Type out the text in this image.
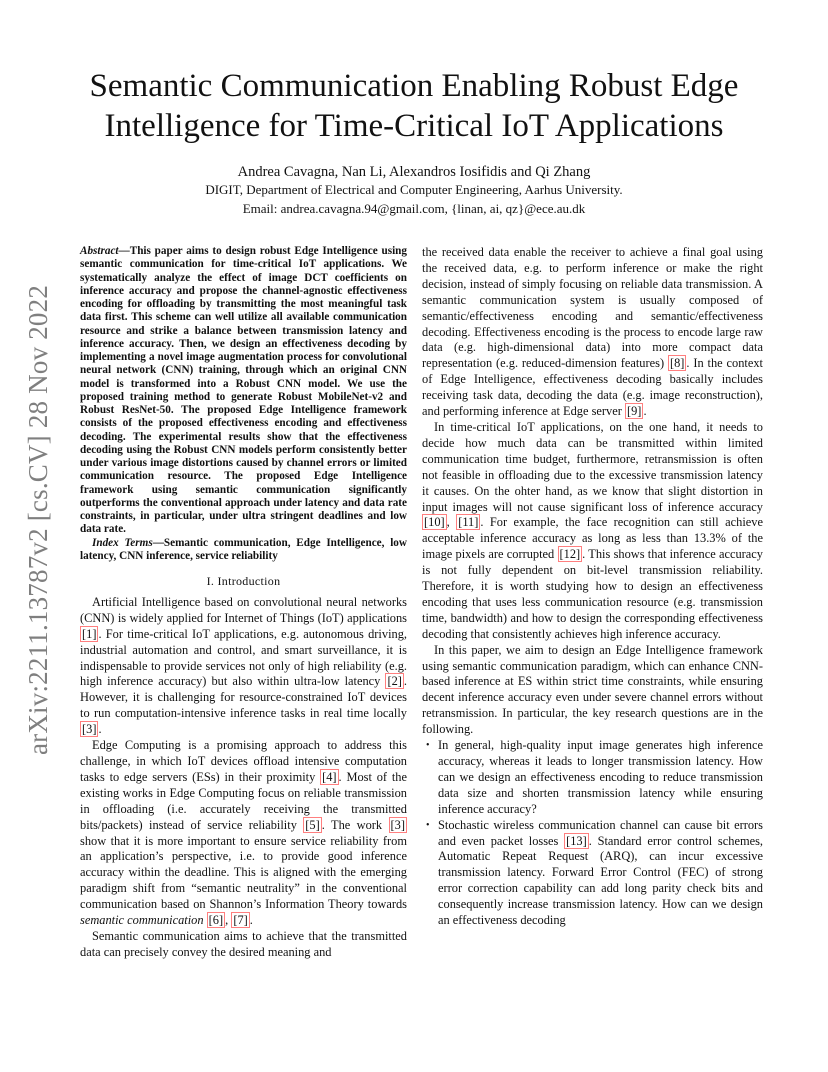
arXiv:2211.13787v2 [cs.CV] 28 Nov 2022
Semantic Communication Enabling Robust Edge
Intelligence for Time-Critical IoT Applications
Andrea Cavagna, Nan Li, Alexandros Iosifidis and Qi Zhang
DIGIT, Department of Electrical and Computer Engineering, Aarhus University.
Email: andrea.cavagna.94@gmail.com, {linan, ai, qz}@ece.au.dk
Abstract—This paper aims to design robust Edge Intelligence using semantic communication for time-critical IoT applications. We systematically analyze the effect of image DCT coefficients on inference accuracy and propose the channel-agnostic effectiveness encoding for offloading by transmitting the most meaningful task data first. This scheme can well utilize all available communication resource and strike a balance between transmission latency and inference accuracy. Then, we design an effectiveness decoding by implementing a novel image augmentation process for convolutional neural network (CNN) training, through which an original CNN model is transformed into a Robust CNN model. We use the proposed training method to generate Robust MobileNet-v2 and Robust ResNet-50. The proposed Edge Intelligence framework consists of the proposed effectiveness encoding and effectiveness decoding. The experimental results show that the effectiveness decoding using the Robust CNN models perform consistently better under various image distortions caused by channel errors or limited communication resource. The proposed Edge Intelligence framework using semantic communication significantly outperforms the conventional approach under latency and data rate constraints, in particular, under ultra stringent deadlines and low data rate.
Index Terms—Semantic communication, Edge Intelligence, low latency, CNN inference, service reliability
I. Introduction

Artificial Intelligence based on convolutional neural networks (CNN) is widely applied for Internet of Things (IoT) applications [1] . For time-critical IoT applications, e.g. autonomous driving, industrial automation and control, and smart surveillance, it is indispensable to provide services not only of high reliability (e.g. high inference accuracy) but also within ultra-low latency [2] . However, it is challenging for resource-constrained IoT devices to run computation-intensive inference tasks in real time locally [3] .

Edge Computing is a promising approach to address this challenge, in which IoT devices offload intensive computation tasks to edge servers (ESs) in their proximity [4] . Most of the existing works in Edge Computing focus on reliable transmission in offloading (i.e. accurately receiving the transmitted bits/packets) instead of service reliability [5] . The work [3] show that it is more important to ensure service reliability from an application’s perspective, i.e. to provide good inference accuracy within the deadline. This is aligned with the emerging paradigm shift from “semantic neutrality” in the conventional communication based on Shannon’s Information Theory towards semantic communication [6] , [7] .

Semantic communication aims to achieve that the transmitted data can precisely convey the desired meaning and

the received data enable the receiver to achieve a final goal using the received data, e.g. to perform inference or make the right decision, instead of simply focusing on reliable data transmission. A semantic communication system is usually composed of semantic/effectiveness encoding and semantic/effectiveness decoding. Effectiveness encoding is the process to encode large raw data (e.g. high-dimensional data) into more compact data representation (e.g. reduced-dimension features) [8] . In the context of Edge Intelligence, effectiveness decoding basically includes receiving task data, decoding the data (e.g. image reconstruction), and performing inference at Edge server [9] .

In time-critical IoT applications, on the one hand, it needs to decide how much data can be transmitted within limited communication time budget, furthermore, retransmission is often not feasible in offloading due to the excessive transmission latency it causes. On the ohter hand, as we know that slight distortion in input images will not cause significant loss of inference accuracy [10] , [11] . For example, the face recognition can still achieve acceptable inference accuracy as long as less than 13.3% of the image pixels are corrupted [12] . This shows that inference accuracy is not fully dependent on bit-level transmission reliability. Therefore, it is worth studying how to design an effectiveness encoding that uses less communication resource (e.g. transmission time, bandwidth) and how to design the corresponding effectiveness decoding that consistently achieves high inference accuracy.

In this paper, we aim to design an Edge Intelligence framework using semantic communication paradigm, which can enhance CNN-based inference at ES within strict time constraints, while ensuring decent inference accuracy even under severe channel errors without retransmission. In particular, the key research questions are in the following.

• In general, high-quality input image generates high inference accuracy, whereas it leads to longer transmission latency. How can we design an effectiveness encoding to reduce transmission data size and shorten transmission latency while ensuring inference accuracy?
• Stochastic wireless communication channel can cause bit errors and even packet losses [13] . Standard error control schemes, Automatic Repeat Request (ARQ), can incur excessive transmission latency. Forward Error Control (FEC) of strong error correction capability can add long parity check bits and consequently increase transmission latency. How can we design an effectiveness decoding
